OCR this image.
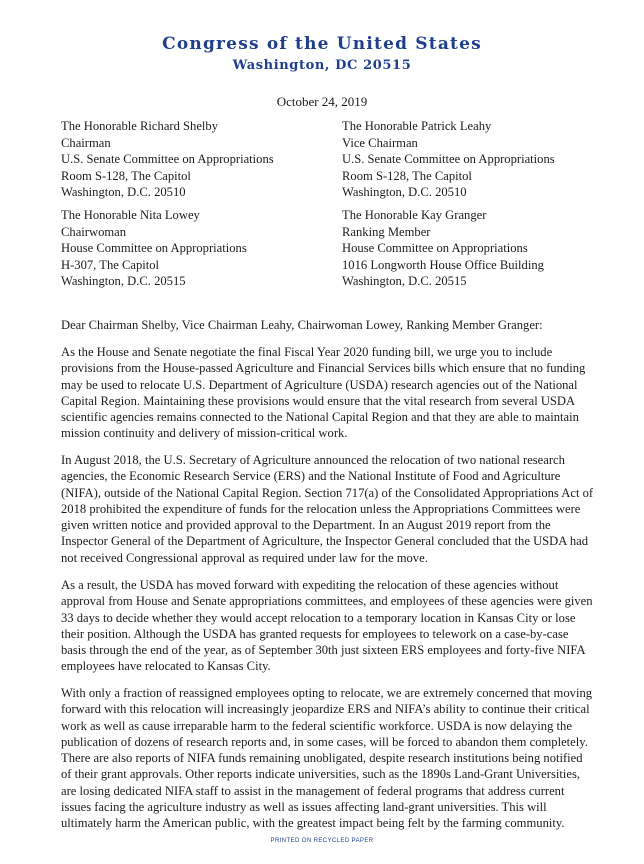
Congress of the United States
Washington, DC 20515
October 24, 2019
The Honorable Richard Shelby
Chairman
U.S. Senate Committee on Appropriations
Room S-128, The Capitol
Washington, D.C. 20510
The Honorable Patrick Leahy
Vice Chairman
U.S. Senate Committee on Appropriations
Room S-128, The Capitol
Washington, D.C. 20510
The Honorable Nita Lowey
Chairwoman
House Committee on Appropriations
H-307, The Capitol
Washington, D.C. 20515
The Honorable Kay Granger
Ranking Member
House Committee on Appropriations
1016 Longworth House Office Building
Washington, D.C. 20515
Dear Chairman Shelby, Vice Chairman Leahy, Chairwoman Lowey, Ranking Member Granger:
As the House and Senate negotiate the final Fiscal Year 2020 funding bill, we urge you to include
provisions from the House-passed Agriculture and Financial Services bills which ensure that no funding
may be used to relocate U.S. Department of Agriculture (USDA) research agencies out of the National
Capital Region. Maintaining these provisions would ensure that the vital research from several USDA
scientific agencies remains connected to the National Capital Region and that they are able to maintain
mission continuity and delivery of mission-critical work.
In August 2018, the U.S. Secretary of Agriculture announced the relocation of two national research
agencies, the Economic Research Service (ERS) and the National Institute of Food and Agriculture
(NIFA), outside of the National Capital Region. Section 717(a) of the Consolidated Appropriations Act of
2018 prohibited the expenditure of funds for the relocation unless the Appropriations Committees were
given written notice and provided approval to the Department. In an August 2019 report from the
Inspector General of the Department of Agriculture, the Inspector General concluded that the USDA had
not received Congressional approval as required under law for the move.
As a result, the USDA has moved forward with expediting the relocation of these agencies without
approval from House and Senate appropriations committees, and employees of these agencies were given
33 days to decide whether they would accept relocation to a temporary location in Kansas City or lose
their position. Although the USDA has granted requests for employees to telework on a case-by-case
basis through the end of the year, as of September 30th just sixteen ERS employees and forty-five NIFA
employees have relocated to Kansas City.
With only a fraction of reassigned employees opting to relocate, we are extremely concerned that moving
forward with this relocation will increasingly jeopardize ERS and NIFA’s ability to continue their critical
work as well as cause irreparable harm to the federal scientific workforce. USDA is now delaying the
publication of dozens of research reports and, in some cases, will be forced to abandon them completely.
There are also reports of NIFA funds remaining unobligated, despite research institutions being notified
of their grant approvals. Other reports indicate universities, such as the 1890s Land-Grant Universities,
are losing dedicated NIFA staff to assist in the management of federal programs that address current
issues facing the agriculture industry as well as issues affecting land-grant universities. This will
ultimately harm the American public, with the greatest impact being felt by the farming community.
PRINTED ON RECYCLED PAPER
